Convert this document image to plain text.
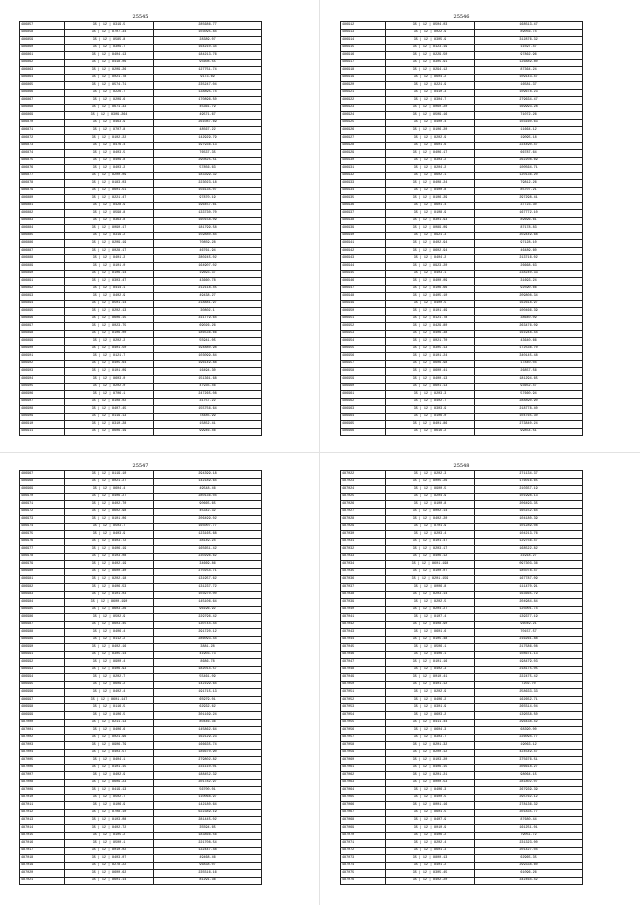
25545
486857	35 | 12 | 8319.5	285686.77
486858	35 | 12 | 8707.34	103095.84
486859	35 | 12 | 8585.8	28389.07
486860	35 | 12 | 8309.7	164210.34
486861	35 | 12 | 8404.13	184213.76
486862	35 | 12 | 8418.06	95608.55
486863	35 | 12 | 8209.26	127751.74
486864	35 | 12 | 8021.78	9173.69
486865	35 | 12 | 8574.71	235247.04
486866	35 | 12 | 8226.7	138895.74
486867	35 | 12 | 8209.6	170896.50
486868	35 | 12 | 8671.33	45361.79
486869	35 | 12 | 8309.264	49571.67
486870	35 | 12 | 8463.9	261087.69
486871	35 | 12 | 8707.8	48567.22
486872	35 | 12 | 8102.22	142929.79
486873	35 | 12 | 8476.4	197936.13
486874	35 | 12 | 8403.5	76537.35
486875	35 | 12 | 8409.8	290825.51
486876	35 | 12 | 8403.2	57856.63
486877	35 | 12 | 8200.09	183399.32
486878	35 | 12 | 8183.03	223023.18
486879	35 | 12 | 8601.51	156135.07
486880	35 | 12 | 8221.47	97870.19
486881	35 | 12 | 8428.9	196457.61
486882	35 | 12 | 8598.8	133730.70
486883	35 | 12 | 8363.8	160158.09
486884	35 | 12 | 8090.17	181799.58
486885	35 | 12 | 8319.2	159880.84
486886	35 | 12 | 8209.19	70859.28
486887	35 | 12 | 8028.17	46761.94
486888	35 | 12 | 8401.2	280245.02
486889	35 | 12 | 8101.0	164907.02
486890	35 | 12 | 8106.14	19693.37
486891	35 | 12 | 8303.47	43660.78
486892	35 | 12 | 8414.1	212118.45
486893	35 | 12 | 8402.9	49438.27
486894	35 | 12 | 8501.14	218881.97
486895	35 | 12 | 8202.13	30802.1
486896	35 | 12 | 8606.15	311779.64
486897	35 | 12 | 8023.75	69026.26
486898	35 | 12 | 8106.00	186536.66
486899	35 | 12 | 8202.2	55941.05
486900	35 | 12 | 8401.50	194880.98
486901	35 | 12 | 8121.7	103099.84
486902	35 | 12 | 8405.64	196149.88
486903	35 | 12 | 8101.09	16494.30
486904	35 | 12 | 8603.0	151361.68
486905	35 | 12 | 8202.0	47935.46
486906	35 | 12 | 8706.1	247265.08
486907	35 | 12 | 8108.02	31757.22
486908	35 | 12 | 8407.45	155756.64
486909	35 | 12 | 8119.13	78485.99
486910	35 | 12 | 8310.28	15852.41
486911	35 | 12 | 8606.19	99946.46
25546
486912	35 | 12 | 8504.03	168513.47
486913	35 | 12 | 8022.9	89056.74
486914	35 | 12 | 8305.9	312876.32
486915	35 | 12 | 8123.19	11597.47
486916	35 | 12 | 8229.50	97862.96
486917	35 | 12 | 8305.91	126889.80
486918	35 | 12 | 8294.12	87364.24
486919	35 | 12 | 8604.2	109143.47
486920	35 | 12 | 8221.9	16581.37
486921	35 | 12 | 8410.3	109678.23
486922	35 | 12 | 8304.7	279634.47
486923	35 | 12 | 8060.20	169993.28
486924	35 | 12 | 8509.16	71072.26
486925	35 | 12 | 8400.4	103160.63
486926	35 | 12 | 8106.20	11664.12
486927	35 | 12 | 8202.9	19095.18
486928	35 | 12 | 8601.6	224490.47
486929	35 | 12 | 8406.17	66787.64
486930	35 | 12 | 8303.2	262208.69
486931	35 | 12 | 8204.2	100564.71
486932	35 | 12 | 8602.1	120136.20
486933	35 | 12 | 8408.24	79812.26
486934	35 | 12 | 8400.8	85707.21
486935	35 | 12 | 8106.29	297298.41
486936	35 | 12 | 8601.4	37723.30
486937	35 | 12 | 8108.9	167772.10
486938	35 | 12 | 8301.93	89696.61
486939	35 | 12 | 8089.09	87178.83
486940	35 | 12 | 8921.3	359449.68
486941	35 | 12 | 8402.94	97128.10
486942	35 | 12 | 8602.94	46489.60
486943	35 | 12 | 8404.2	213716.02
486944	35 | 12 | 8923.20	26668.63
486945	35 | 12 | 8403.1	238240.33
486946	35 | 12 | 8400.09	31693.24
486947	35 | 12 | 8106.66	92590.66
486948	35 | 12 | 8405.10	209808.34
486949	35 | 12 | 8400.5	162618.97
486950	35 | 12 | 8101.49	100466.39
486951	35 | 12 | 8121.78	38640.09
486952	35 | 12 | 8429.80	263476.09
486953	35 | 12 | 8406.38	161948.44
486954	35 | 12 | 8021.70	43640.66
486955	35 | 12 | 8305.13	172536.70
486956	35 | 12 | 8101.24	340145.48
486957	35 | 12 | 8606.98	17840.04
486958	35 | 12 | 8600.41	26857.56
486959	35 | 12 | 8400.13	181294.65
486960	35 | 12 | 8601.13	93652.47
486961	35 | 12 | 8203.3	57660.94
486962	35 | 12 | 8402.7	288890.90
486963	35 | 12 | 8303.9	218778.40
486964	35 | 12 | 8106.0	104765.30
486965	35 | 12 | 8401.86	273840.24
486966	35 | 12 | 8616.2	99854.51
25547
486967	35 | 12 | 8119.10	294399.18
486968	35 | 12 | 8021.27	142189.64
486969	35 | 12 | 8604.4	49548.46
486970	35 | 12 | 8406.27	280136.04
486971	35 | 12 | 8402.70	90665.65
486972	35 | 12 | 8602.98	45342.32
486973	35 | 12 | 8101.06	206499.02
486974	35 | 12 | 8503.7	165007.77
486975	35 | 12 | 8403.9	123165.68
486976	35 | 12 | 8403.72	38149.24
486977	35 | 12 | 8406.19	165651.42
486978	35 | 12 | 8103.08	230296.62
486979	35 | 12 | 8402.19	34669.86
486980	35 | 12 | 8600.30	270254.71
486981	35 | 12 | 8202.18	131957.62
486982	35 | 12 | 8406.53	131237.72
486983	35 | 12 | 8101.03	103970.00
486984	35 | 12 | 8600.190	145106.64
486985	35 | 12 | 8603.26	96196.92
486986	35 | 12 | 8502.9	229796.42
486987	35 | 12 | 8603.45	130744.44
486988	35 | 12 | 8406.4	291720.12
486989	35 | 12 | 8112.2	286093.44
486990	35 | 12 | 8402.16	3881.28
486991	35 | 12 | 8305.14	41903.73
486992	35 | 12 | 8900.4	8686.78
486993	35 | 12 | 8406.93	182014.57
486994	35 | 12 | 8202.7	55461.09
486995	35 | 12 | 8609.2	142199.64
486996	35 | 12 | 8402.4	191715.13
486997	35 | 12 | 8601.147	65979.01
486998	35 | 12 | 8116.5	62932.62
486999	35 | 12 | 8106.5	301169.24
487000	35 | 12 | 8211.13	80446.36
487001	35 | 12 | 8406.6	145862.64
487002	35 | 12 | 8021.96	162129.23
487003	35 | 12 | 8906.79	166635.74
487004	35 | 12 | 8403.57	186670.90
487005	35 | 12 | 8404.1	279802.82
487006	35 | 12 | 8101.15	231110.01
487007	35 | 12 | 8402.9	188452.32
487008	35 | 12 | 8609.23	301782.97
487009	35 | 12 | 8419.13	56700.01
487010	35 | 12 | 8502.7	110068.97
487011	35 | 12 | 8106.9	142180.64
487012	35 | 12 | 8708.10	622389.19
487013	35 | 12 | 8103.08	281445.02
487014	35 | 12 | 8402.72	35594.65
487015	35 | 12 | 8105.2	183866.56
487016	35 | 12 | 8500.1	221708.54
487017	35 | 12 | 8010.02	132447.48
487018	35 | 12 | 8403.07	49468.46
487019	35 | 12 | 8278.22	96838.07
487020	35 | 12 | 8600.62	235516.16
487021	35 | 12 | 8601.14	81291.36
25548
487022	35 | 12 | 8202.3	271134.37
487023	35 | 12 | 8005.26	176016.65
487024	35 | 12 | 8900.5	210357.19
487025	35 | 12 | 8204.9	101998.13
487026	35 | 12 | 8100.8	206493.35
487027	35 | 12 | 8002.14	165152.64
487028	35 | 12 | 8402.20	104180.39
487029	35 | 12 | 8701.9	101289.08
487030	35 | 12 | 8203.4	104213.76
487031	35 | 12 | 8101.47	129756.47
487032	35 | 12 | 8203.17	168522.82
487033	35 | 12 | 8406.12	31918.27
487034	35 | 12 | 8601.198	097303.36
487035	35 | 12 | 8100.07	185078.47
487036	35 | 12 | 8201.159	167787.09
487037	35 | 12 | 8006.8	111470.91
487038	35 | 12 | 8203.14	163665.79
487039	35 | 12 | 8202.5	204984.84
487040	35 | 12 | 8204.27	125001.74
487041	35 | 12 | 8107.4	139377.19
487042	35 | 12 | 8408.90	96049.21
487043	35 | 12 | 8601.6	70157.57
487044	35 | 12 | 8105.48	216261.88
487045	35 | 12 | 8506.1	217586.08
487046	35 | 12 | 8406.1	108671.13
487047	35 | 12 | 8101.16	198479.03
487048	35 | 12 | 8402.3	218175.05
487049	35 | 12 | 8010.41	222475.42
487050	35 | 12 | 8401.12	7202.70
487051	35 | 12 | 8202.9	258633.33
487052	35 | 12 | 8406.2	162652.71
487053	35 | 12 | 8301.9	265514.04
487054	35 | 12 | 8603.2	139558.50
487055	35 | 12 | 8411.44	296438.42
487056	35 | 12 | 8604.3	68390.00
487057	35 | 12 | 8303.7	226094.77
487058	35 | 12 | 8201.32	19063.12
487059	35 | 12 | 8200.12	424549.47
487060	35 | 12 | 8103.20	375676.51
487061	35 | 12 | 8406.15	306618.27
487062	35 | 12 | 8201.21	98064.15
487063	35 | 12 | 8000.53	281802.07
487064	35 | 12 | 8406.3	267939.39
487065	35 | 12 | 8400.5	295762.12
487066	35 | 12 | 8001.16	278136.32
487067	35 | 12 | 8601.5	301835.77
487068	35 | 12 | 8407.9	87680.44
487069	35 | 12 | 8010.9	161251.01
487070	35 | 12 | 8406.2	79051.72
487071	35 | 12 | 8202.4	231323.00
487072	35 | 12 | 8601.3	201427.04
487073	35 | 12 | 8800.13	62965.35
487074	35 | 12 | 8401.2	299338.60
487075	35 | 12 | 8305.45	61096.26
487076	35 | 12 | 8402.20	342464.42
